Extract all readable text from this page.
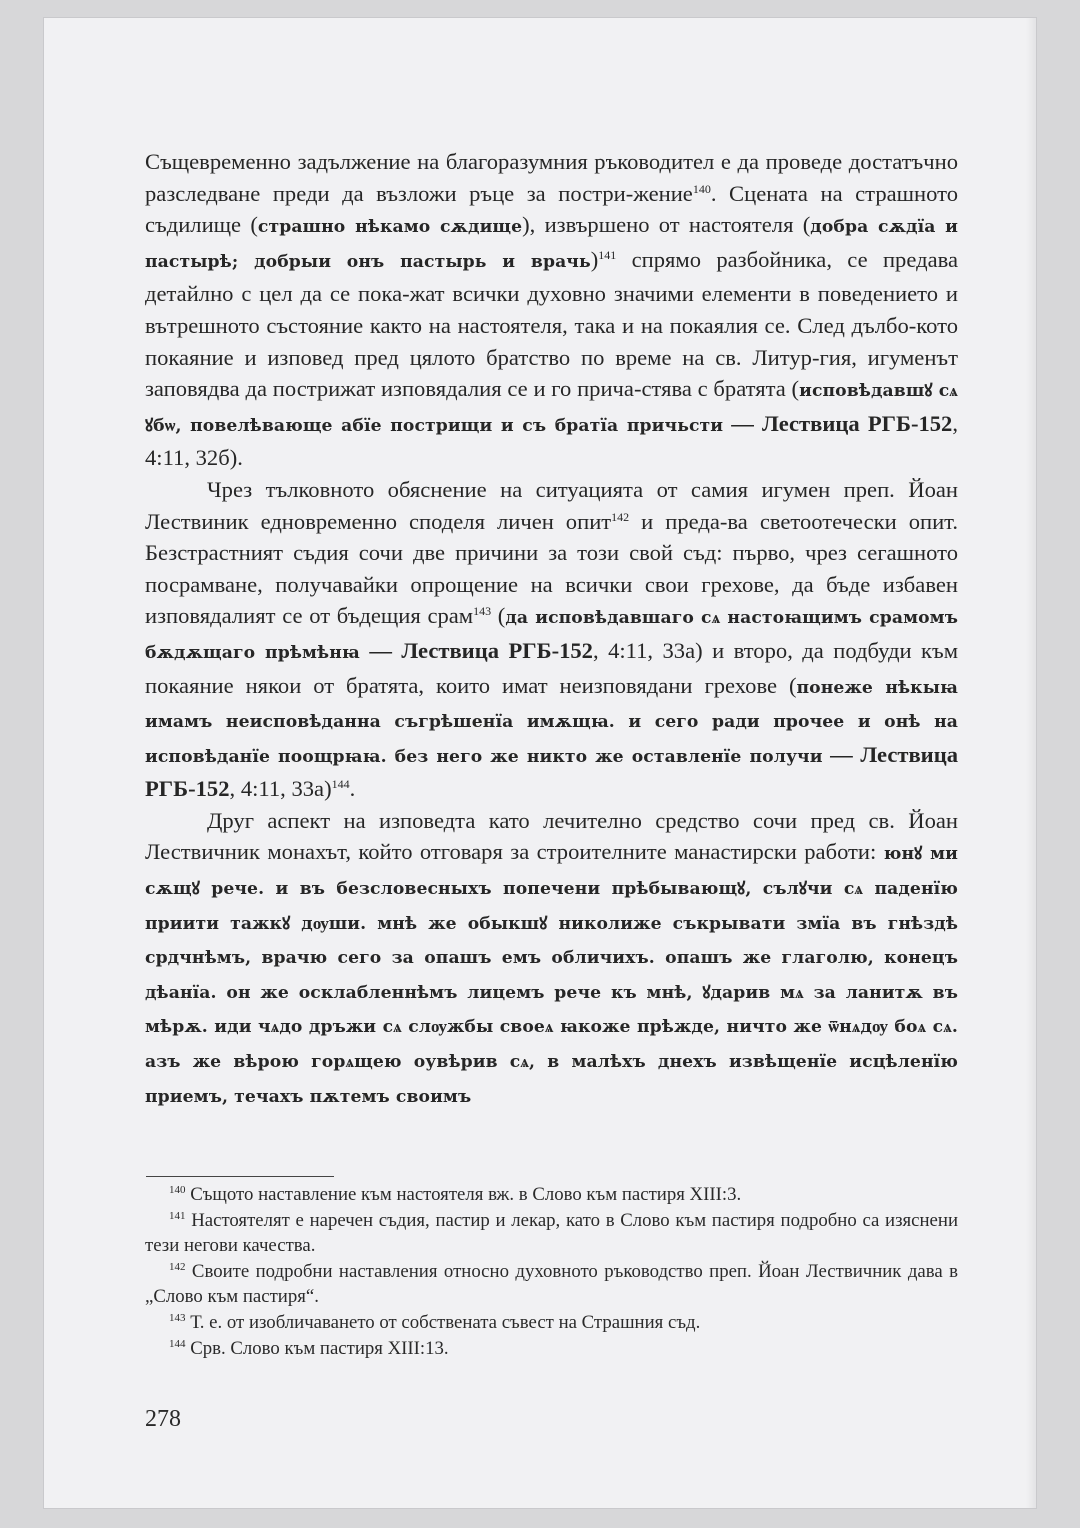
Същевременно задължение на благоразумния ръководител е да проведе достатъчно разследване преди да възложи ръце за постри-жение$^{140}$. Сцената на страшното съдилище (страшно нѣкамо сѫдище), извършено от настоятеля (добра сѫдїа и пастырѣ; добрыи онъ пастырь и врачь)$^{141}$ спрямо разбойника, се предава детайлно с цел да се пока-жат всички духовно значими елементи в поведението и вътрешното състояние както на настоятеля, така и на покаялия се. След дълбо-кото покаяние и изповед пред цялото братство по време на св. Литур-гия, игуменът заповядва да пострижат изповядалия се и го прича-стява с братята (исповѣдавшꙋ сѧ ꙋбѡ, повелѣвающе абїе пострищи и съ братїа причьсти — Лествица РГБ-152, 4:11, 32б).

Чрез тълковното обяснение на ситуацията от самия игумен преп. Йоан Лествиник едновременно споделя личен опит$^{142}$ и преда-ва светоотечески опит. Безстрастният съдия сочи две причини за този свой съд: първо, чрез сегашното посрамване, получавайки опрощение на всички свои грехове, да бъде избавен изповядалият се от бъдещия срам$^{143}$ (да исповѣдавшаго сѧ настоꙗщимъ срамомъ бѫдѫщаго прѣмѣнꙗ — Лествица РГБ-152, 4:11, 33а) и второ, да подбуди към покаяние някои от братята, които имат неизповядани грехове (понеже нѣкыꙗ имамъ неисповѣданна съгрѣшенїа имѫщꙗ. и сего ради прочее и онѣ на исповѣданїе поощрꙗꙗ. без него же никто же оставленїе получи — Лествица РГБ-152, 4:11, 33а)$^{144}$.

Друг аспект на изповедта като лечително средство сочи пред св. Йоан Лествичник монахът, който отговаря за строителните манастирски работи: юнꙋ ми сѫщꙋ рече. и въ безсловесныхъ попечени прѣбывающꙋ, сълꙋчи сѧ паденїю приити тажкꙋ дѹши. мнѣ же обыкшꙋ николиже съкрывати змїа въ гнѣздѣ срдчнѣмъ, врачю сего за опашъ емъ обличихъ. опашъ же глаголю, конецъ дѣанїа. он же осклабленнѣмъ лицемъ рече къ мнѣ, ꙋдарив мѧ за ланитѫ въ мѣрѫ. иди чѧдо дръжи сѧ слѹжбы своеѧ ꙗкоже прѣжде, ничто же ѿнѧдѹ боѧ сѧ. азъ же вѣрою горѧщею оувѣрив сѧ, в малѣхъ днехъ извѣщенїе исцѣленїю приемъ, течахъ пѫтемъ своимъ

$^{140}$ Същото наставление към настоятеля вж. в Слово към пастиря XIII:3.

$^{141}$ Настоятелят е наречен съдия, пастир и лекар, като в Слово към пастиря подробно са изяснени тези негови качества.

$^{142}$ Своите подробни наставления относно духовното ръководство преп. Йоан Лествичник дава в „Слово към пастиря“.

$^{143}$ Т. е. от изобличаването от собствената съвест на Страшния съд.

$^{144}$ Срв. Слово към пастиря XIII:13.

278
